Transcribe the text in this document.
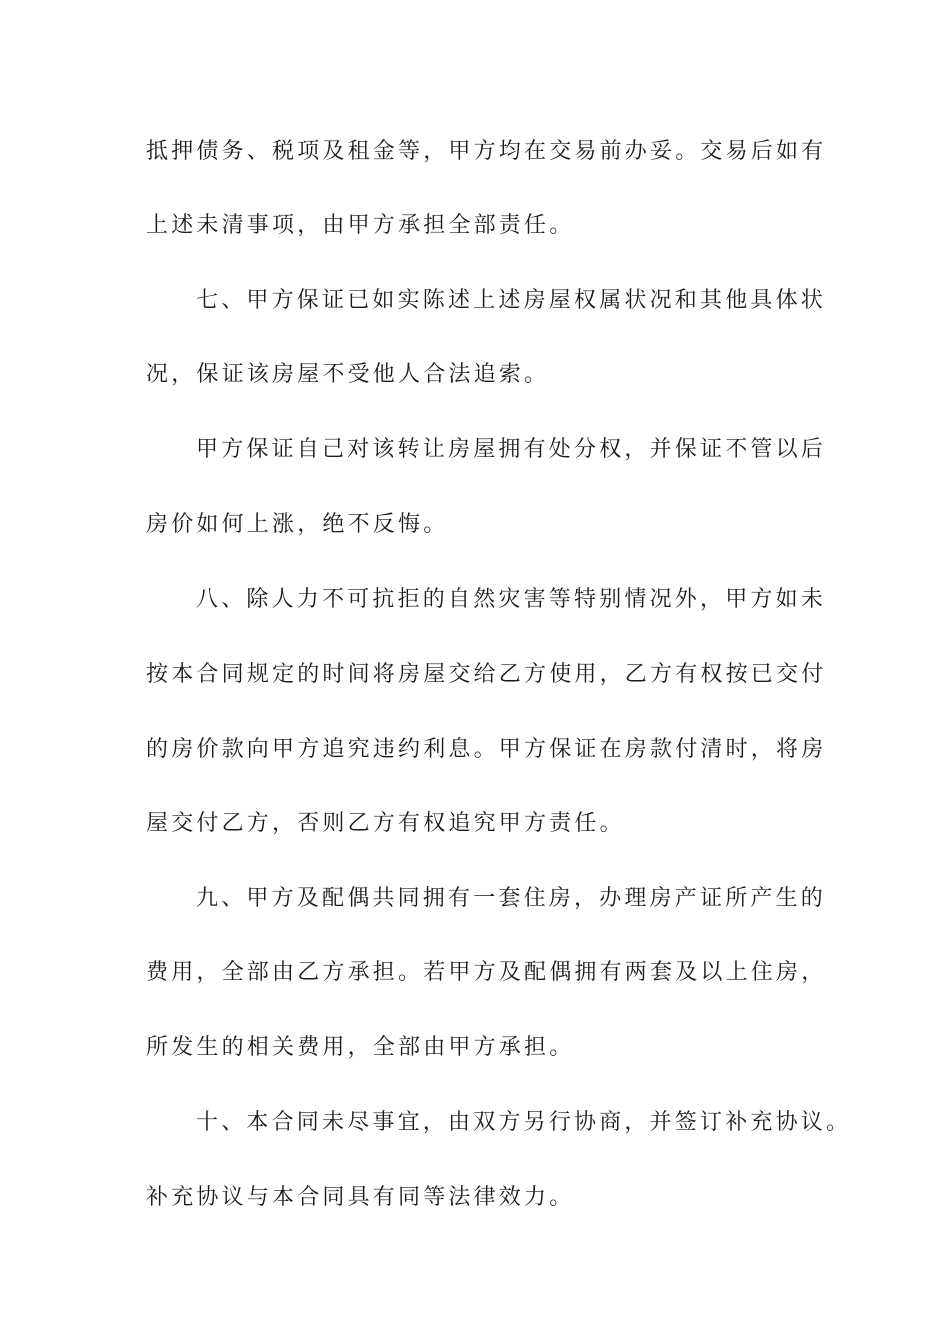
抵押债务、税项及租金等，甲方均在交易前办妥。交易后如有
上述未清事项，由甲方承担全部责任。
七、甲方保证已如实陈述上述房屋权属状况和其他具体状
况，保证该房屋不受他人合法追索。
甲方保证自己对该转让房屋拥有处分权，并保证不管以后
房价如何上涨，绝不反悔。
八、除人力不可抗拒的自然灾害等特别情况外，甲方如未
按本合同规定的时间将房屋交给乙方使用，乙方有权按已交付
的房价款向甲方追究违约利息。甲方保证在房款付清时，将房
屋交付乙方，否则乙方有权追究甲方责任。
九、甲方及配偶共同拥有一套住房，办理房产证所产生的
费用，全部由乙方承担。若甲方及配偶拥有两套及以上住房，
所发生的相关费用，全部由甲方承担。
十、本合同未尽事宜，由双方另行协商，并签订补充协议。
补充协议与本合同具有同等法律效力。
